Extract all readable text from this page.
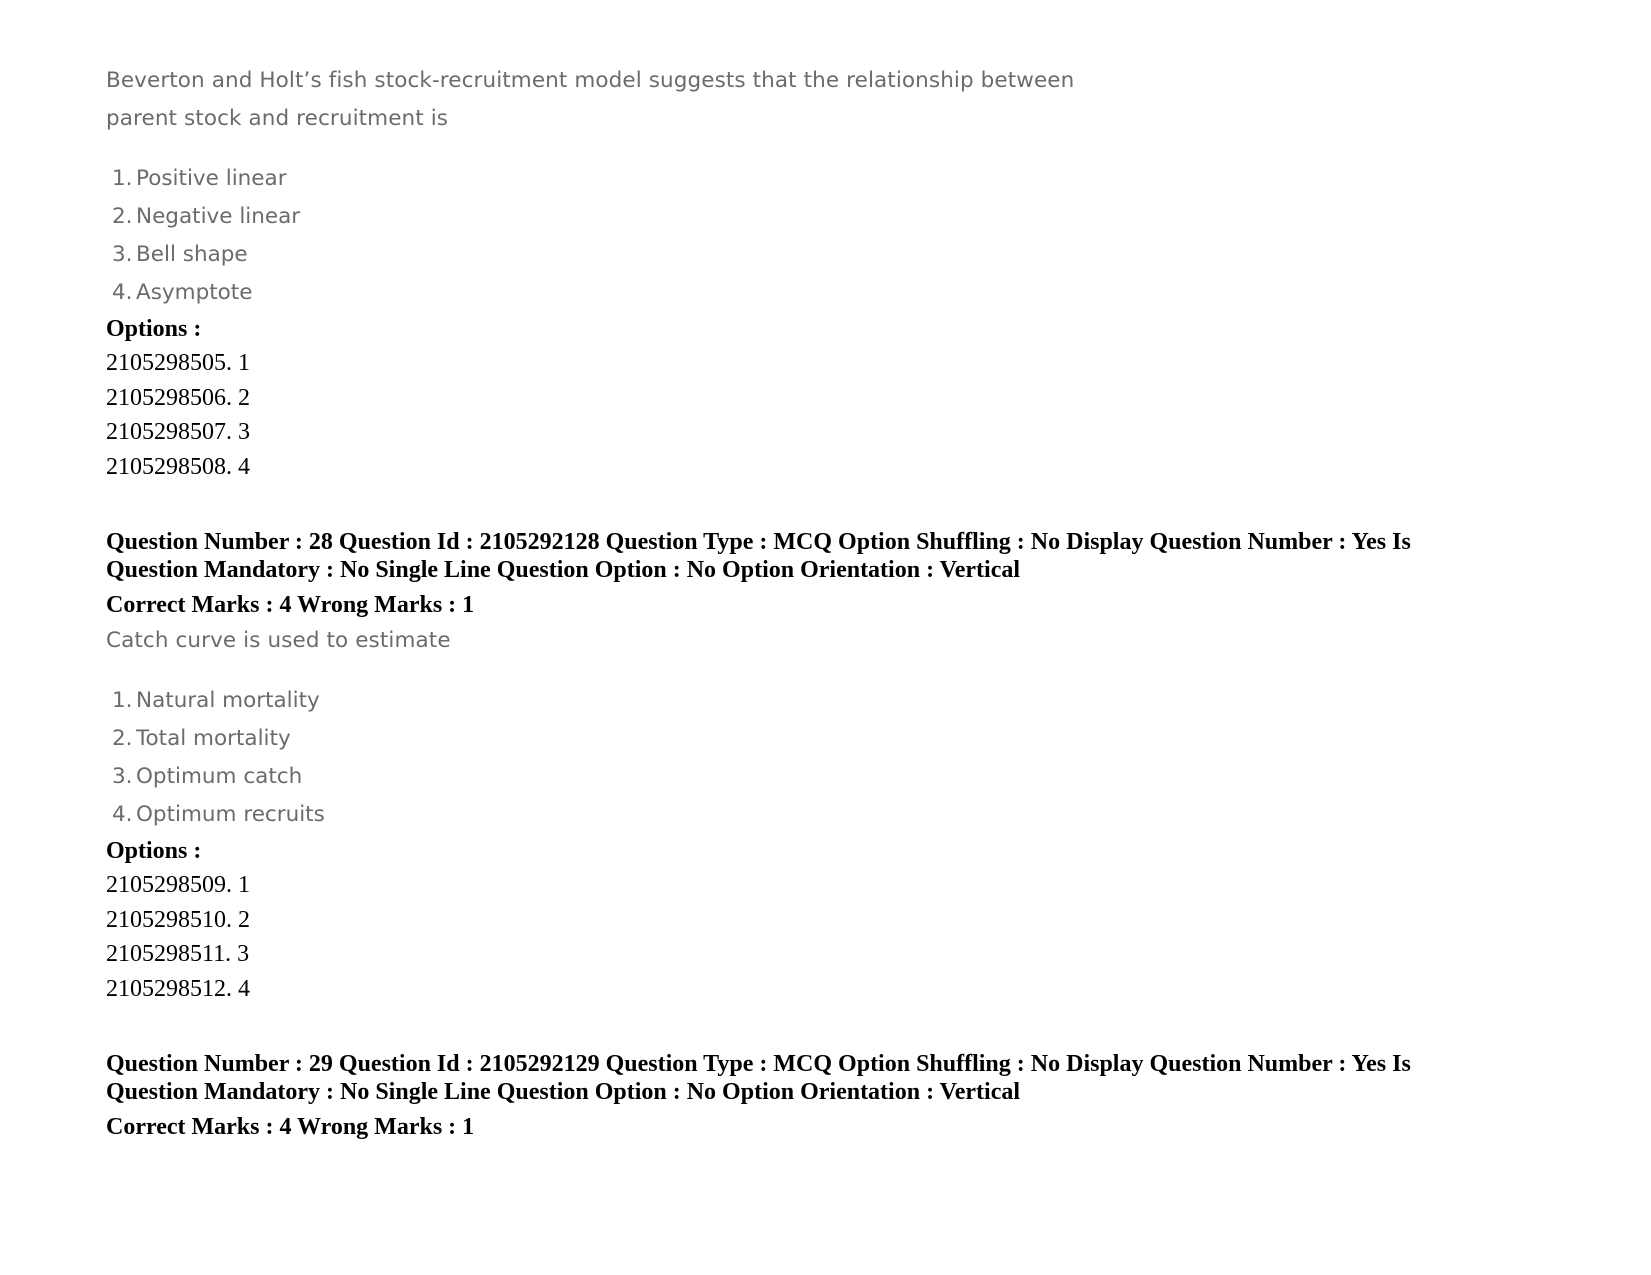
Beverton and Holt’s fish stock-recruitment model suggests that the relationship between
parent stock and recruitment is
1. Positive linear
2. Negative linear
3. Bell shape
4. Asymptote
Options :
2105298505. 1
2105298506. 2
2105298507. 3
2105298508. 4
Question Number : 28 Question Id : 2105292128 Question Type : MCQ Option Shuffling : No Display Question Number : Yes Is
Question Mandatory : No Single Line Question Option : No Option Orientation : Vertical
Correct Marks : 4 Wrong Marks : 1
Catch curve is used to estimate
1. Natural mortality
2. Total mortality
3. Optimum catch
4. Optimum recruits
Options :
2105298509. 1
2105298510. 2
2105298511. 3
2105298512. 4
Question Number : 29 Question Id : 2105292129 Question Type : MCQ Option Shuffling : No Display Question Number : Yes Is
Question Mandatory : No Single Line Question Option : No Option Orientation : Vertical
Correct Marks : 4 Wrong Marks : 1
